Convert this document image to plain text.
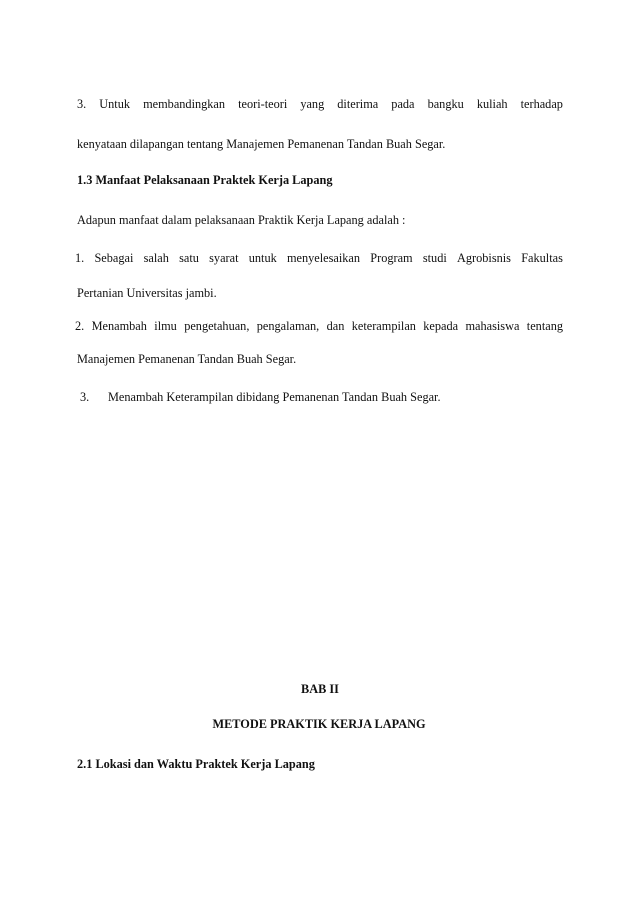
3. Untuk membandingkan teori-teori yang diterima pada bangku kuliah terhadap
kenyataan dilapangan tentang Manajemen Pemanenan Tandan Buah Segar.
1.3 Manfaat Pelaksanaan Praktek Kerja Lapang
Adapun manfaat dalam pelaksanaan Praktik Kerja Lapang adalah :
1. Sebagai salah satu syarat untuk menyelesaikan Program studi Agrobisnis Fakultas
Pertanian Universitas jambi.
2. Menambah ilmu pengetahuan, pengalaman, dan keterampilan kepada mahasiswa tentang
Manajemen Pemanenan Tandan Buah Segar.
3. Menambah Keterampilan dibidang Pemanenan Tandan Buah Segar.
BAB II
METODE PRAKTIK KERJA LAPANG
2.1 Lokasi dan Waktu Praktek Kerja Lapang
